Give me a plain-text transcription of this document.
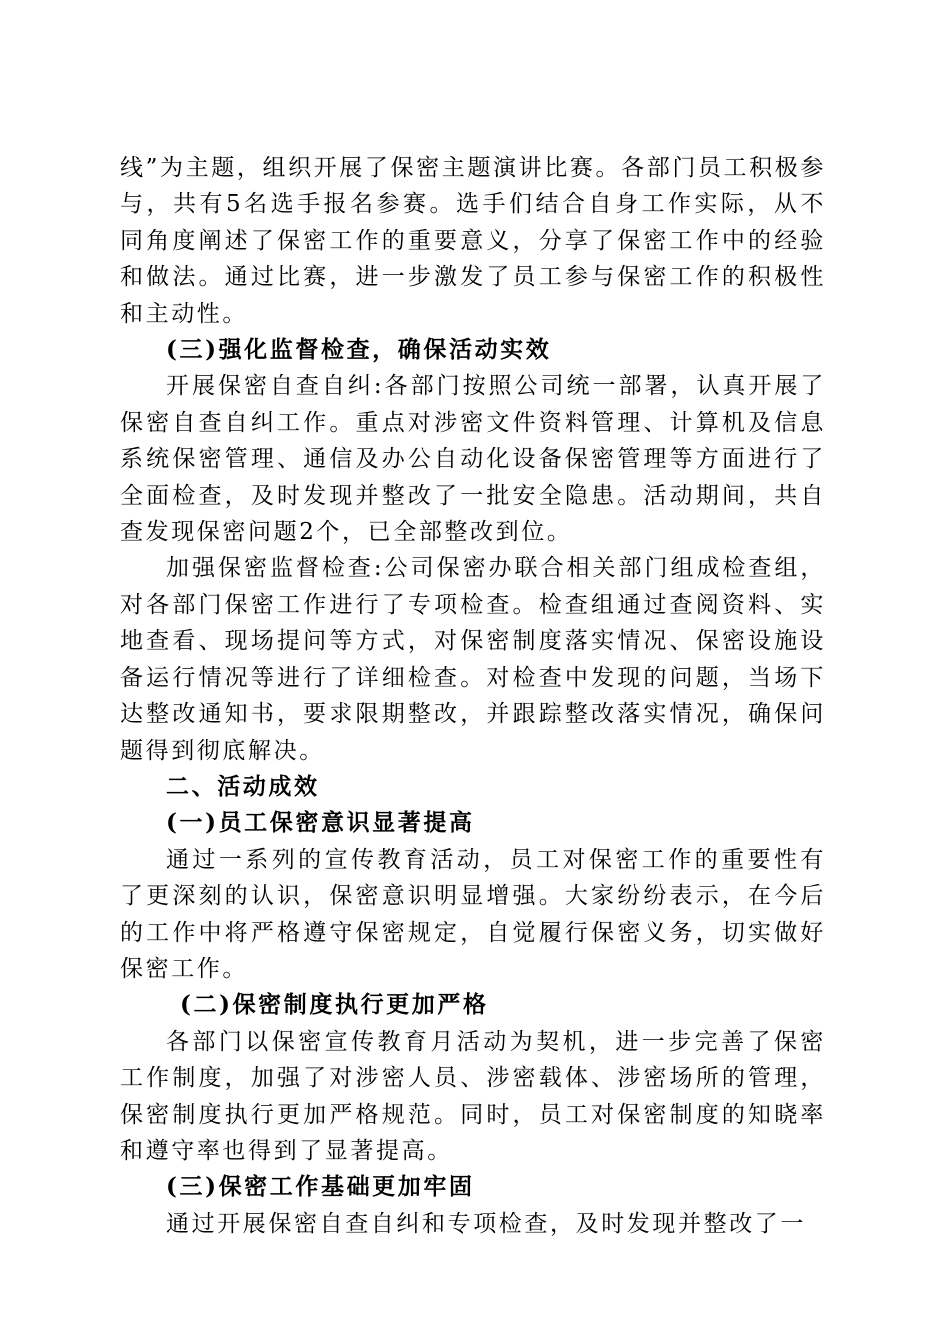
线”为主题，组织开展了保密主题演讲比赛。各部门员工积极参与，共有5名选手报名参赛。选手们结合自身工作实际，从不同角度阐述了保密工作的重要意义，分享了保密工作中的经验和做法。通过比赛，进一步激发了员工参与保密工作的积极性和主动性。

(三)强化监督检查，确保活动实效

开展保密自查自纠:各部门按照公司统一部署，认真开展了保密自查自纠工作。重点对涉密文件资料管理、计算机及信息系统保密管理、通信及办公自动化设备保密管理等方面进行了全面检查，及时发现并整改了一批安全隐患。活动期间，共自查发现保密问题2个，已全部整改到位。

加强保密监督检查:公司保密办联合相关部门组成检查组，对各部门保密工作进行了专项检查。检查组通过查阅资料、实地查看、现场提问等方式，对保密制度落实情况、保密设施设备运行情况等进行了详细检查。对检查中发现的问题，当场下达整改通知书，要求限期整改，并跟踪整改落实情况，确保问题得到彻底解决。

二、活动成效

(一)员工保密意识显著提高

通过一系列的宣传教育活动，员工对保密工作的重要性有了更深刻的认识，保密意识明显增强。大家纷纷表示，在今后的工作中将严格遵守保密规定，自觉履行保密义务，切实做好保密工作。

(二)保密制度执行更加严格

各部门以保密宣传教育月活动为契机，进一步完善了保密工作制度，加强了对涉密人员、涉密载体、涉密场所的管理，保密制度执行更加严格规范。同时，员工对保密制度的知晓率和遵守率也得到了显著提高。

(三)保密工作基础更加牢固

通过开展保密自查自纠和专项检查，及时发现并整改了一
